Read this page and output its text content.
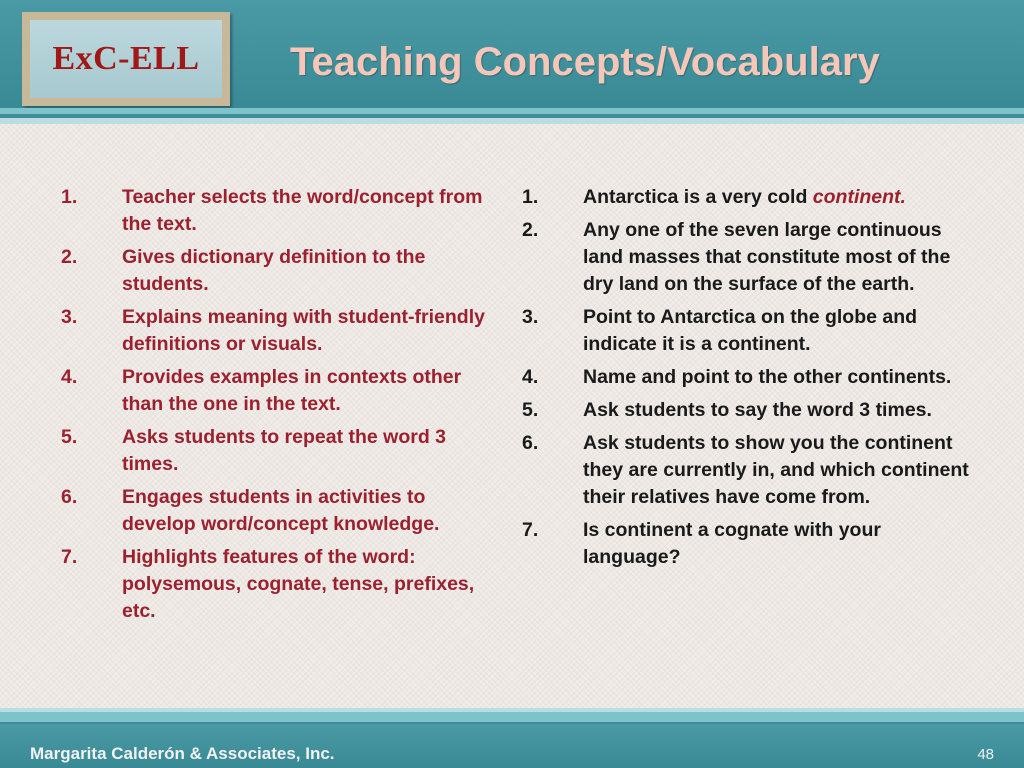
ExC-ELL Teaching Concepts/Vocabulary
1. Teacher selects the word/concept from the text.
2. Gives dictionary definition to the students.
3. Explains meaning with student-friendly definitions or visuals.
4. Provides examples in contexts other than the one in the text.
5. Asks students to repeat the word 3 times.
6. Engages students in activities to develop word/concept knowledge.
7. Highlights features of the word: polysemous, cognate, tense, prefixes, etc.
1. Antarctica is a very cold continent.
2. Any one of the seven large continuous land masses that constitute most of the dry land on the surface of the earth.
3. Point to Antarctica on the globe and indicate it is a continent.
4. Name and point to the other continents.
5. Ask students to say the word 3 times.
6. Ask students to show you the continent they are currently in, and which continent their relatives have come from.
7. Is continent a cognate with your language?
Margarita Calderón & Associates, Inc.	48
